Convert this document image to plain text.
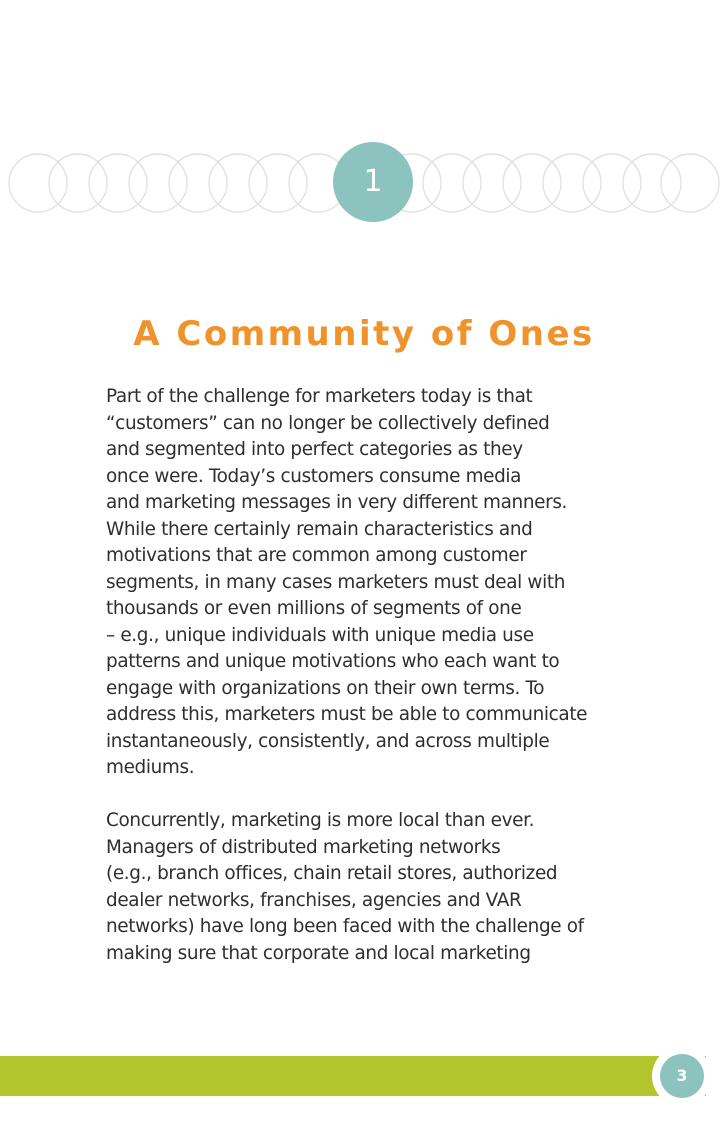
1
A Community of Ones

Part of the challenge for marketers today is that
“customers” can no longer be collectively defined
and segmented into perfect categories as they
once were. Today’s customers consume media
and marketing messages in very different manners.
While there certainly remain characteristics and
motivations that are common among customer
segments, in many cases marketers must deal with
thousands or even millions of segments of one
– e.g., unique individuals with unique media use
patterns and unique motivations who each want to
engage with organizations on their own terms. To
address this, marketers must be able to communicate
instantaneously, consistently, and across multiple
mediums.

Concurrently, marketing is more local than ever.
Managers of distributed marketing networks
(e.g., branch offices, chain retail stores, authorized
dealer networks, franchises, agencies and VAR
networks) have long been faced with the challenge of
making sure that corporate and local marketing

3
